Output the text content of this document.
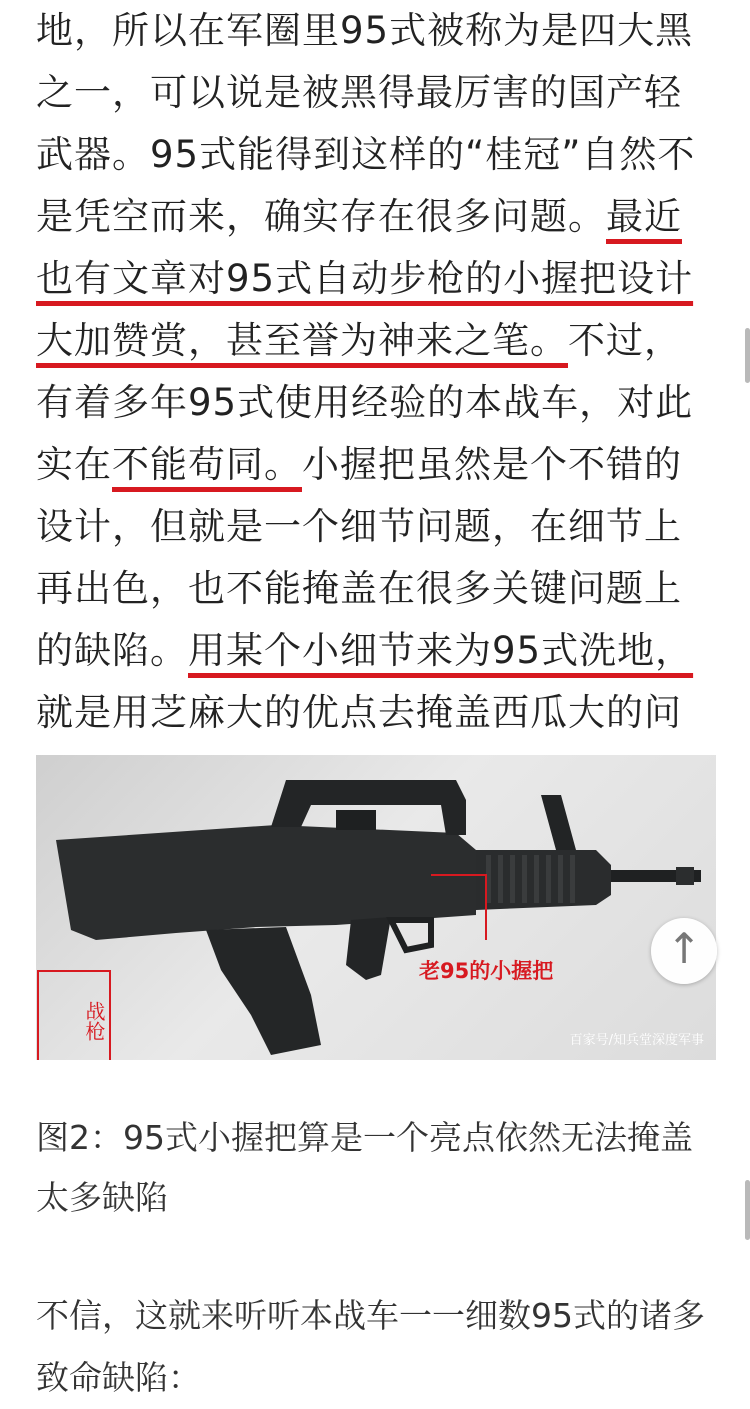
地，所以在军圈里95式被称为是四大黑之一，可以说是被黑得最厉害的国产轻武器。95式能得到这样的“桂冠”自然不是凭空而来，确实存在很多问题。最近也有文章对95式自动步枪的小握把设计大加赞赏，甚至誉为神来之笔。不过，有着多年95式使用经验的本战车，对此实在不能苟同。小握把虽然是个不错的设计，但就是一个细节问题，在细节上再出色，也不能掩盖在很多关键问题上的缺陷。用某个小细节来为95式洗地，就是用芝麻大的优点去掩盖西瓜大的问

老95的小握把
百家号/知兵堂深度军事
战枪
↑

图2：95式小握把算是一个亮点依然无法掩盖太多缺陷

不信，这就来听听本战车一一细数95式的诸多致命缺陷：
